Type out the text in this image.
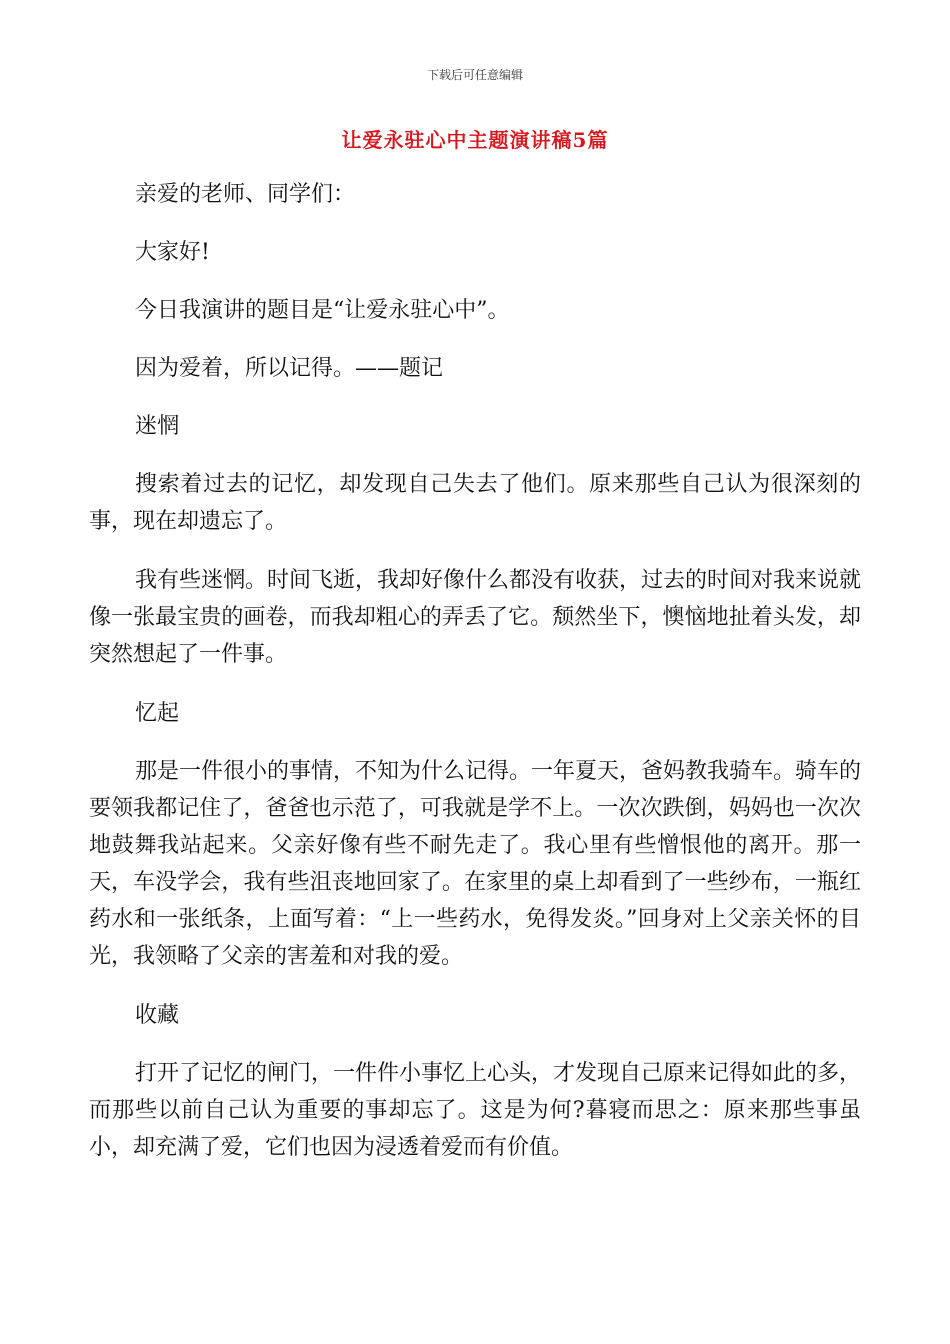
下载后可任意编辑
让爱永驻心中主题演讲稿5篇

亲爱的老师、同学们：

大家好!

今日我演讲的题目是“让爱永驻心中”。

因为爱着，所以记得。——题记

迷惘

搜索着过去的记忆，却发现自己失去了他们。原来那些自己认为很深刻的事，现在却遗忘了。

我有些迷惘。时间飞逝，我却好像什么都没有收获，过去的时间对我来说就像一张最宝贵的画卷，而我却粗心的弄丢了它。颓然坐下，懊恼地扯着头发，却突然想起了一件事。

忆起

那是一件很小的事情，不知为什么记得。一年夏天，爸妈教我骑车。骑车的要领我都记住了，爸爸也示范了，可我就是学不上。一次次跌倒，妈妈也一次次地鼓舞我站起来。父亲好像有些不耐先走了。我心里有些憎恨他的离开。那一天，车没学会，我有些沮丧地回家了。在家里的桌上却看到了一些纱布，一瓶红药水和一张纸条，上面写着：“上一些药水，免得发炎。”回身对上父亲关怀的目光，我领略了父亲的害羞和对我的爱。

收藏

打开了记忆的闸门，一件件小事忆上心头，才发现自己原来记得如此的多，而那些以前自己认为重要的事却忘了。这是为何?暮寝而思之：原来那些事虽小，却充满了爱，它们也因为浸透着爱而有价值。
